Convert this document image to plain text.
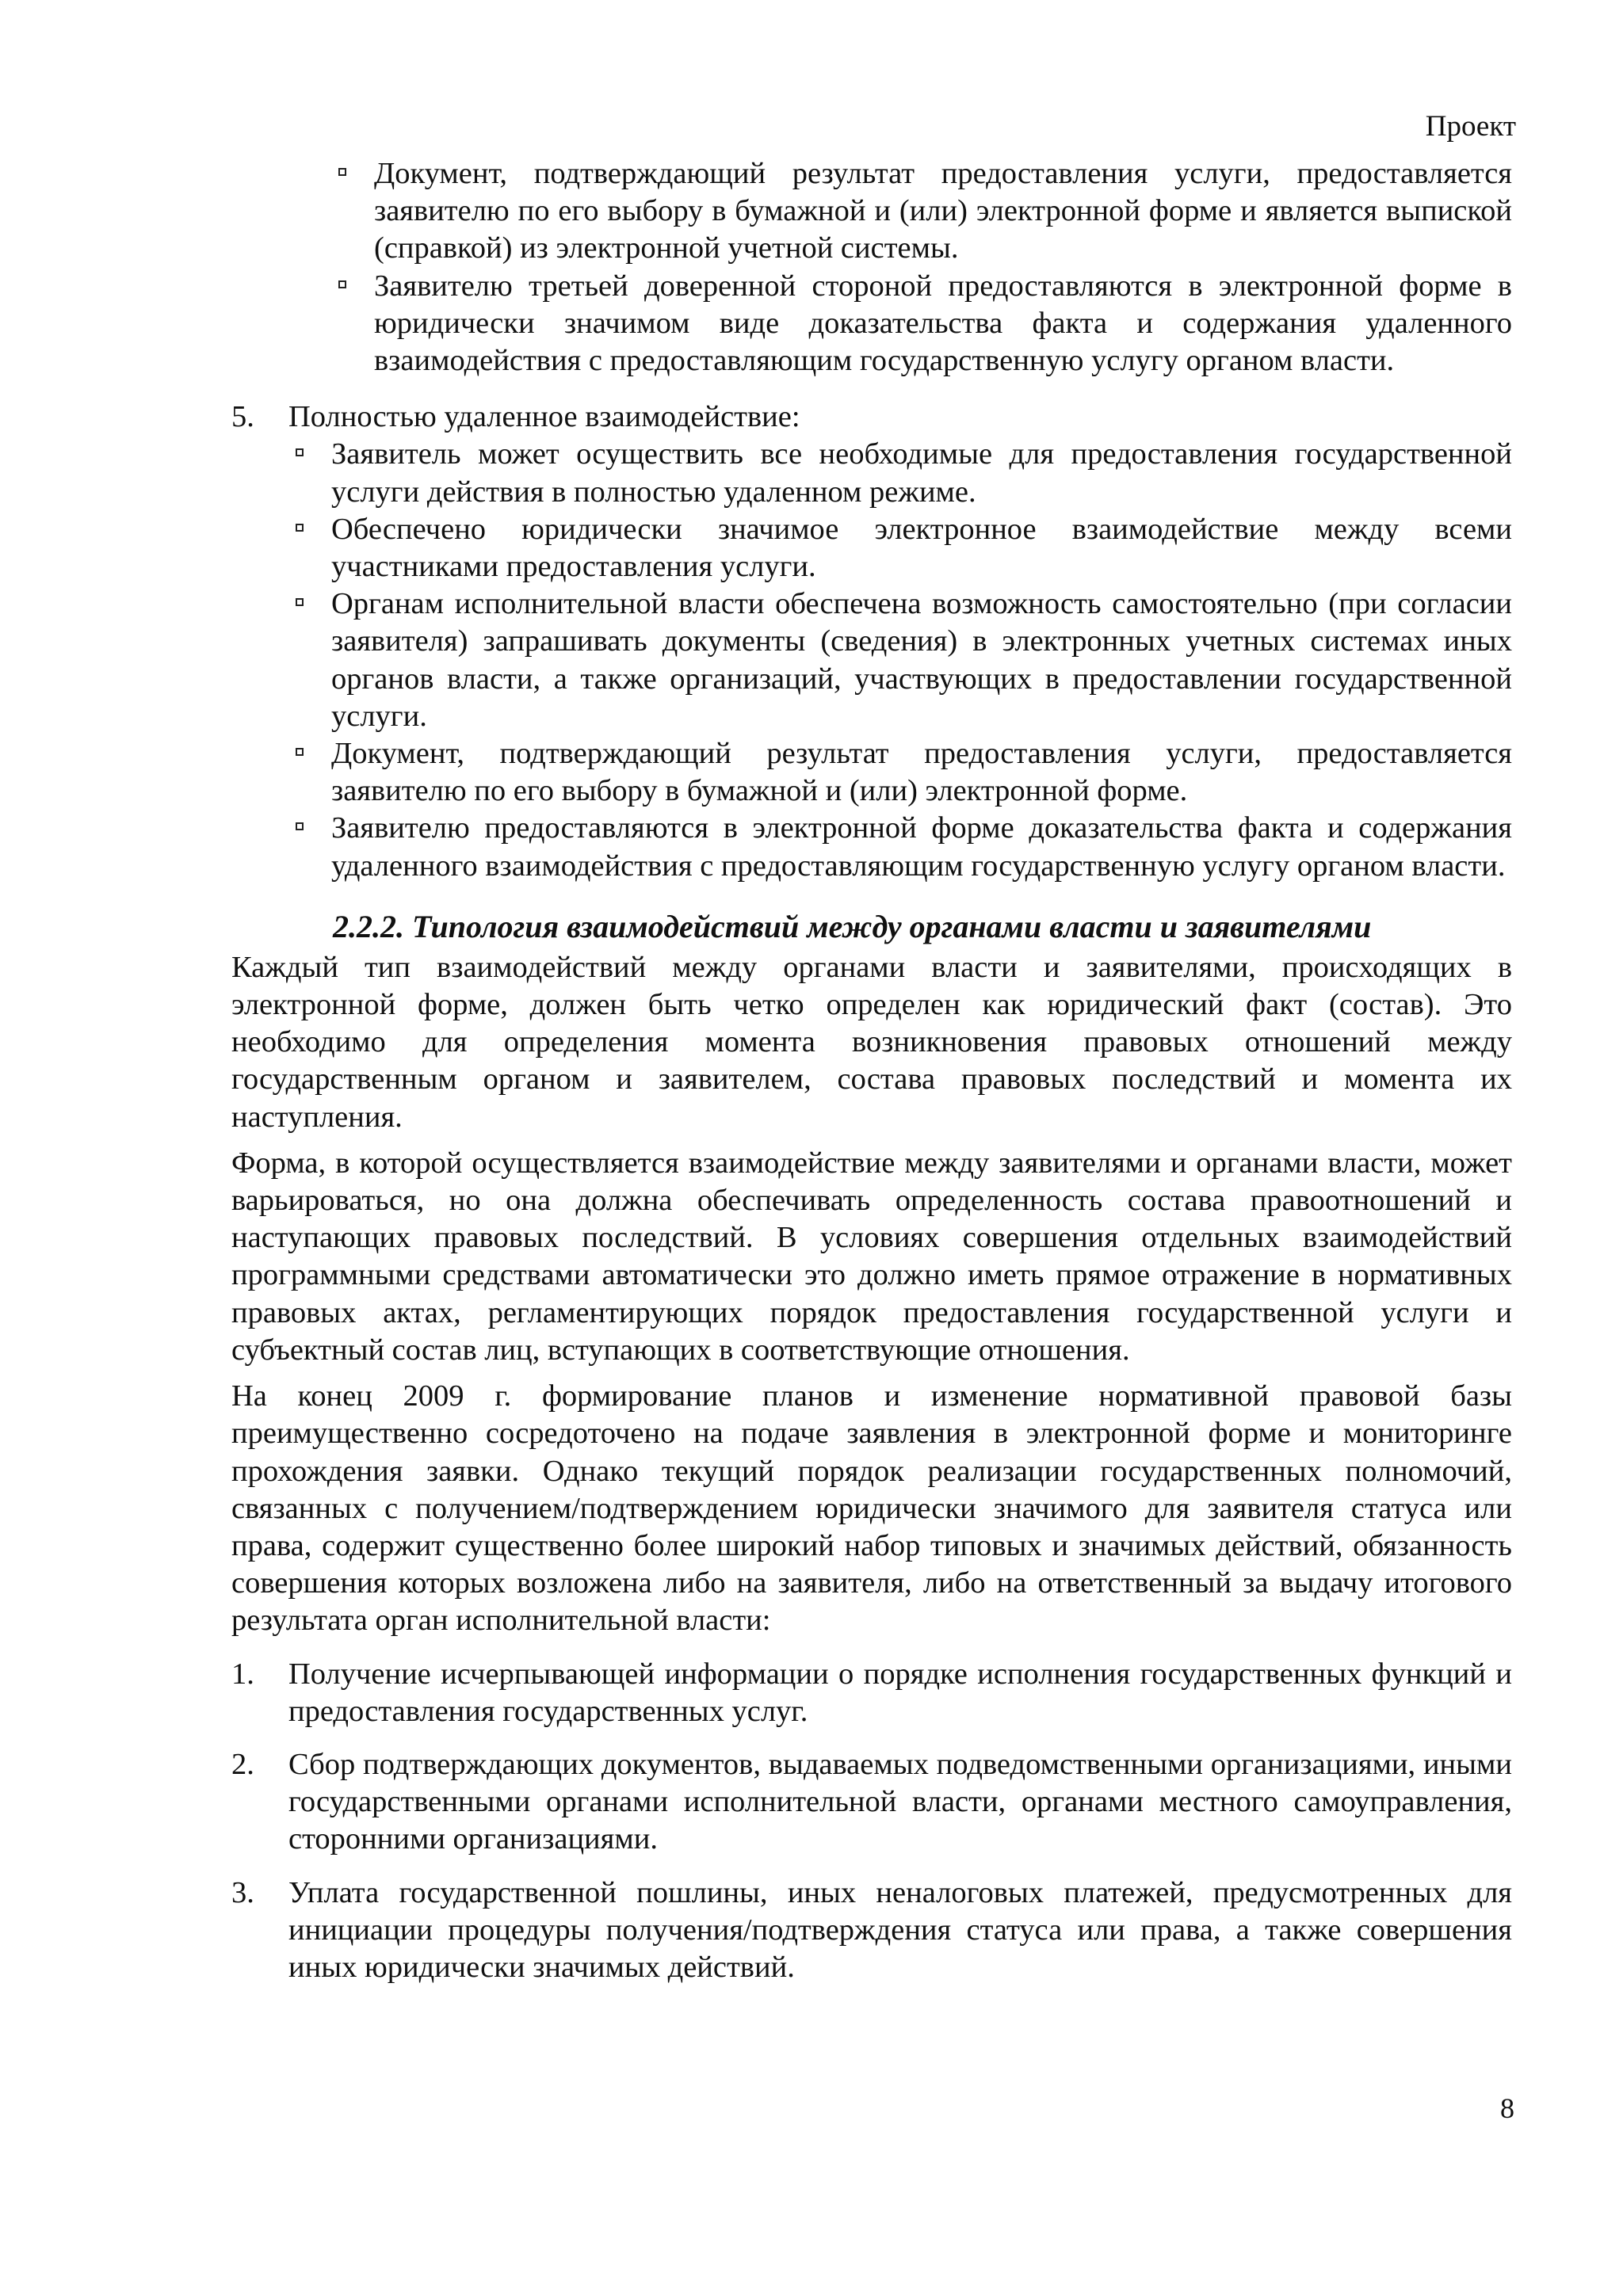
Проект
Документ, подтверждающий результат предоставления услуги, предоставляется заявителю по его выбору в бумажной и (или) электронной форме и является выпиской (справкой) из электронной учетной системы.
Заявителю третьей доверенной стороной предоставляются в электронной форме в юридически значимом виде доказательства факта и содержания удаленного взаимодействия с предоставляющим государственную услугу органом власти.
5. Полностью удаленное взаимодействие:
Заявитель может осуществить все необходимые для предоставления государственной услуги действия в полностью удаленном режиме.
Обеспечено юридически значимое электронное взаимодействие между всеми участниками предоставления услуги.
Органам исполнительной власти обеспечена возможность самостоятельно (при согласии заявителя) запрашивать документы (сведения) в электронных учетных системах иных органов власти, а также организаций, участвующих в предоставлении государственной услуги.
Документ, подтверждающий результат предоставления услуги, предоставляется заявителю по его выбору в бумажной и (или) электронной форме.
Заявителю предоставляются в электронной форме доказательства факта и содержания удаленного взаимодействия с предоставляющим государственную услугу органом власти.
2.2.2. Типология взаимодействий между органами власти и заявителями

Каждый тип взаимодействий между органами власти и заявителями, происходящих в электронной форме, должен быть четко определен как юридический факт (состав). Это необходимо для определения момента возникновения правовых отношений между государственным органом и заявителем, состава правовых последствий и момента их наступления.

Форма, в которой осуществляется взаимодействие между заявителями и органами власти, может варьироваться, но она должна обеспечивать определенность состава правоотношений и наступающих правовых последствий. В условиях совершения отдельных взаимодействий программными средствами автоматически это должно иметь прямое отражение в нормативных правовых актах, регламентирующих порядок предоставления государственной услуги и субъектный состав лиц, вступающих в соответствующие отношения.

На конец 2009 г. формирование планов и изменение нормативной правовой базы преимущественно сосредоточено на подаче заявления в электронной форме и мониторинге прохождения заявки. Однако текущий порядок реализации государственных полномочий, связанных с получением/подтверждением юридически значимого для заявителя статуса или права, содержит существенно более широкий набор типовых и значимых действий, обязанность совершения которых возложена либо на заявителя, либо на ответственный за выдачу итогового результата орган исполнительной власти:

1. Получение исчерпывающей информации о порядке исполнения государственных функций и предоставления государственных услуг.
2. Сбор подтверждающих документов, выдаваемых подведомственными организациями, иными государственными органами исполнительной власти, органами местного самоуправления, сторонними организациями.
3. Уплата государственной пошлины, иных неналоговых платежей, предусмотренных для инициации процедуры получения/подтверждения статуса или права, а также совершения иных юридически значимых действий.
8
